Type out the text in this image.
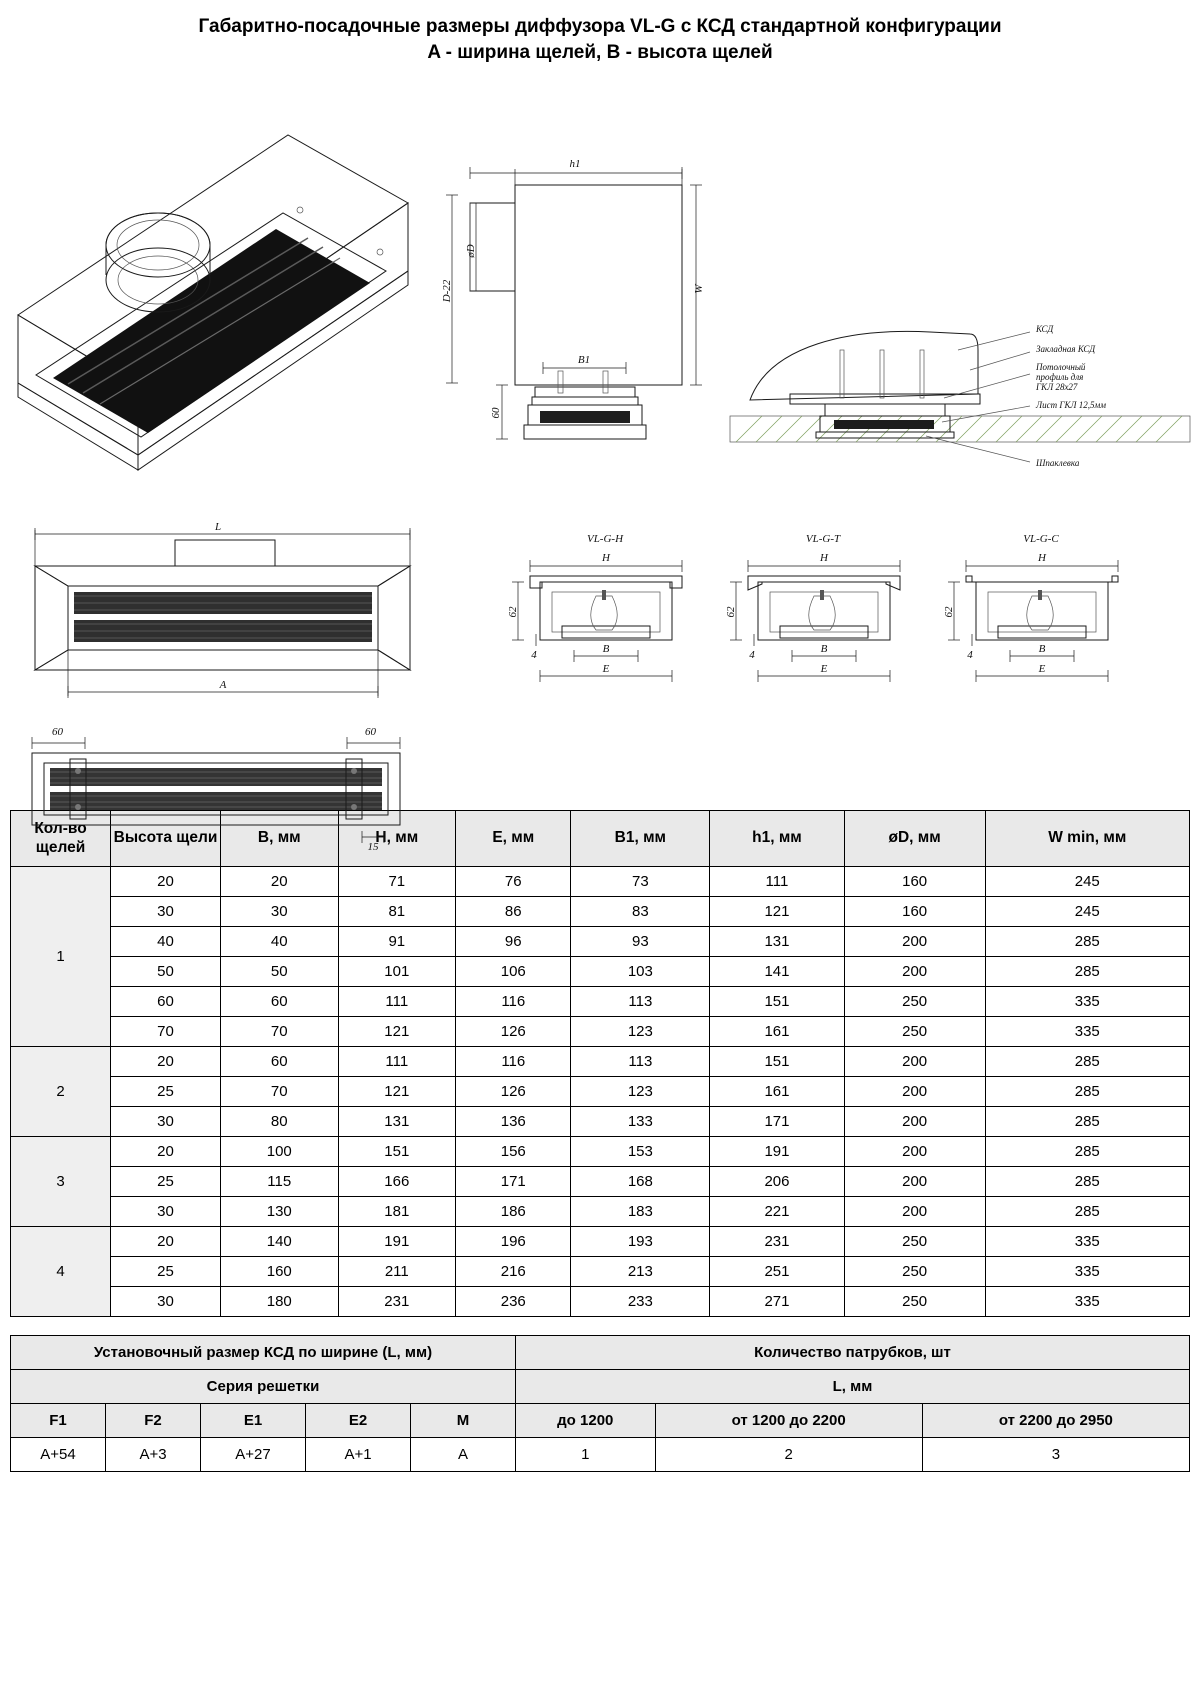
Габаритно-посадочные размеры диффузора VL-G с КСД стандартной конфигурации
A - ширина щелей, B - высота щелей
L
A
60	60
15
h1
W
D-22
øD
B1
60
КСД
Закладная КСД
Потолочный
профиль для
ГКЛ 28х27
Лист ГКЛ 12,5мм
Шпаклевка
VL-G-H
H
62
4	B
E
VL-G-T
H
62
4	B
E
VL-G-C
H
62
4	B
E
Кол-во щелей	Высота щели	B, мм	H, мм	E, мм	B1, мм	h1, мм	øD, мм	W min, мм
1	20	20	71	76	73	111	160	245
	30	30	81	86	83	121	160	245
	40	40	91	96	93	131	200	285
	50	50	101	106	103	141	200	285
	60	60	111	116	113	151	250	335
	70	70	121	126	123	161	250	335
2	20	60	111	116	113	151	200	285
	25	70	121	126	123	161	200	285
	30	80	131	136	133	171	200	285
3	20	100	151	156	153	191	200	285
	25	115	166	171	168	206	200	285
	30	130	181	186	183	221	200	285
4	20	140	191	196	193	231	250	335
	25	160	211	216	213	251	250	335
	30	180	231	236	233	271	250	335
Установочный размер КСД по ширине (L, мм)					Количество патрубков, шт		
Серия решетки					L, мм		
F1	F2	E1	E2	M	до 1200	от 1200 до 2200	от 2200 до 2950
A+54	A+3	A+27	A+1	A	1	2	3
